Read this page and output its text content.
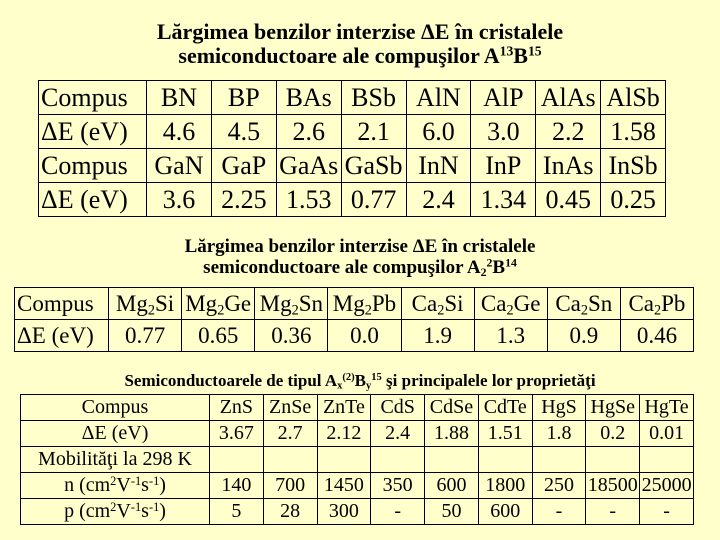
Lărgimea benzilor interzise ΔE în cristalele
semiconductoare ale compuşilor $A^{13}B^{15}$
Compus	BN	BP	BAs	BSb	AlN	AlP	AlAs	AlSb
ΔE (eV)	4.6	4.5	2.6	2.1	6.0	3.0	2.2	1.58
Compus	GaN	GaP	GaAs	GaSb	InN	InP	InAs	InSb
ΔE (eV)	3.6	2.25	1.53	0.77	2.4	1.34	0.45	0.25
Lărgimea benzilor interzise ΔE în cristalele
semiconductoare ale compuşilor $A_2^2B^{14}$
Compus	$Mg_2Si$	$Mg_2Ge$	$Mg_2Sn$	$Mg_2Pb$	$Ca_2Si$	$Ca_2Ge$	$Ca_2Sn$	$Ca_2Pb$
ΔE (eV)	0.77	0.65	0.36	0.0	1.9	1.3	0.9	0.46
Semiconductoarele de tipul $A_x^{(2)}B_y^{15}$ şi principalele lor proprietăţi
Compus	ZnS	ZnSe	ZnTe	CdS	CdSe	CdTe	HgS	HgSe	HgTe
ΔE (eV)	3.67	2.7	2.12	2.4	1.88	1.51	1.8	0.2	0.01
Mobilităţi la 298 K									
n $(cm^2V^{-1}s^{-1})$	140	700	1450	350	600	1800	250	18500	25000
p $(cm^2V^{-1}s^{-1})$	5	28	300	-	50	600	-	-	-
